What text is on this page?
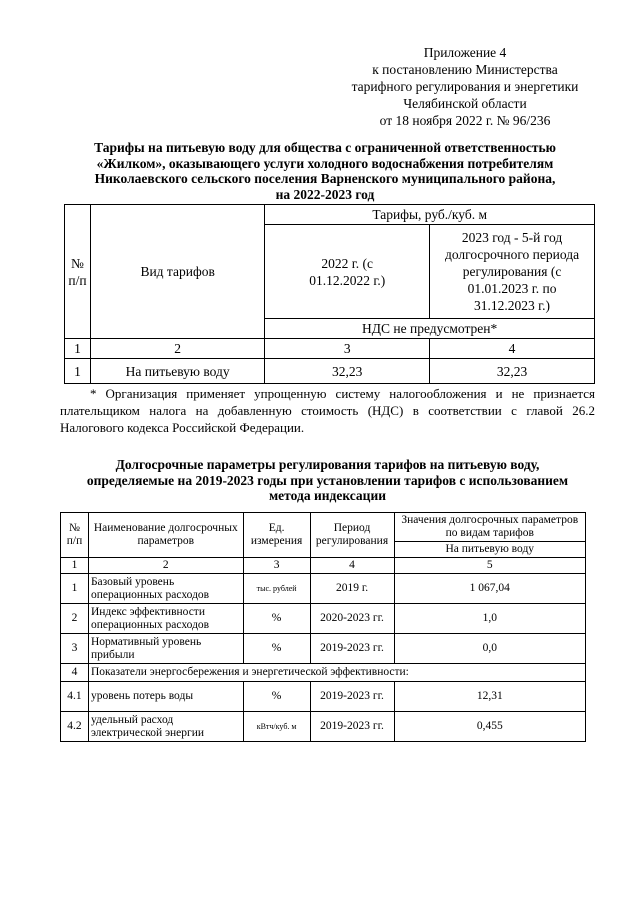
Приложение 4
к постановлению Министерства
тарифного регулирования и энергетики
Челябинской области
от 18 ноября 2022 г. № 96/236
Тарифы на питьевую воду для общества с ограниченной ответственностью
«Жилком», оказывающего услуги холодного водоснабжения потребителям
Николаевского сельского поселения Варненского муниципального района,
на 2022-2023 год
№ п/п	Вид тарифов	Тарифы, руб./куб. м	

		2022 г. (с 01.12.2022 г.)	2023 год - 5-й год долгосрочного периода регулирования (с 01.01.2023 г. по 31.12.2023 г.)

		НДС не предусмотрен*	
1	2	3	4
1	На питьевую воду	32,23	32,23

* Организация применяет упрощенную систему налогообложения и не признается плательщиком налога на добавленную стоимость (НДС) в соответствии с главой 26.2 Налогового кодекса Российской Федерации.

Долгосрочные параметры регулирования тарифов на питьевую воду,
определяемые на 2019-2023 годы при установлении тарифов с использованием
метода индексации
№ п/п	Наименование долгосрочных параметров	Ед. измерения	Период регулирования	Значения долгосрочных параметров по видам тарифов
				На питьевую воду
1	2	3	4	5
1	Базовый уровень операционных расходов	тыс. рублей	2019 г.	1 067,04
2	Индекс эффективности операционных расходов	%	2020-2023 гг.	1,0
3	Нормативный уровень прибыли	%	2019-2023 гг.	0,0
4	Показатели энергосбережения и энергетической эффективности:			
4.1	уровень потерь воды	%	2019-2023 гг.	12,31
4.2	удельный расход электрической энергии	кВтч/куб. м	2019-2023 гг.	0,455
